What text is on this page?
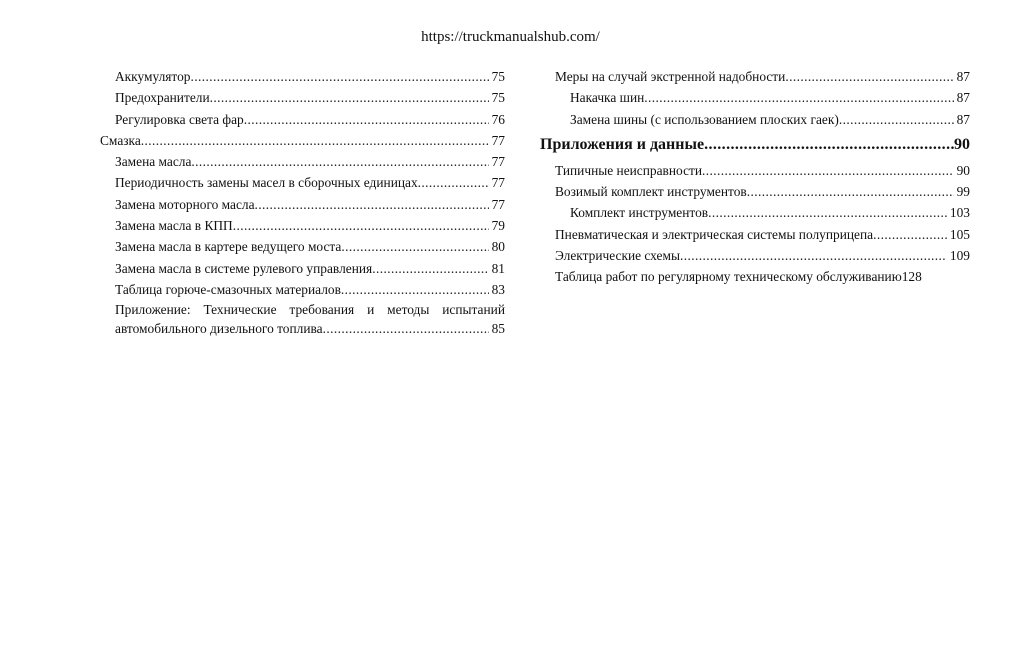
https://truckmanualshub.com/
Аккумулятор .....	75
Предохранители .....	75
Регулировка света фар .....	76
Смазка .....	77
Замена масла .....	77
Периодичность замены масел в сборочных единицах .....	77
Замена моторного масла .....	77
Замена масла в КПП .....	79
Замена масла в картере ведущего моста .....	80
Замена масла в системе рулевого управления .....	81
Таблица горюче-смазочных материалов .....	83
Приложение: Технические требования и методы испытаний
автомобильного дизельного топлива .....	85
Меры на случай экстренной надобности .....	87
Накачка шин .....	87
Замена шины (с использованием плоских гаек) .....	87
Приложения и данные .....	90
Типичные неисправности .....	90
Возимый комплект инструментов .....	99
Комплект инструментов .....	103
Пневматическая и электрическая системы полуприцепа .....	105
Электрические схемы .....	109
Таблица работ по регулярному техническому обслуживанию 128
